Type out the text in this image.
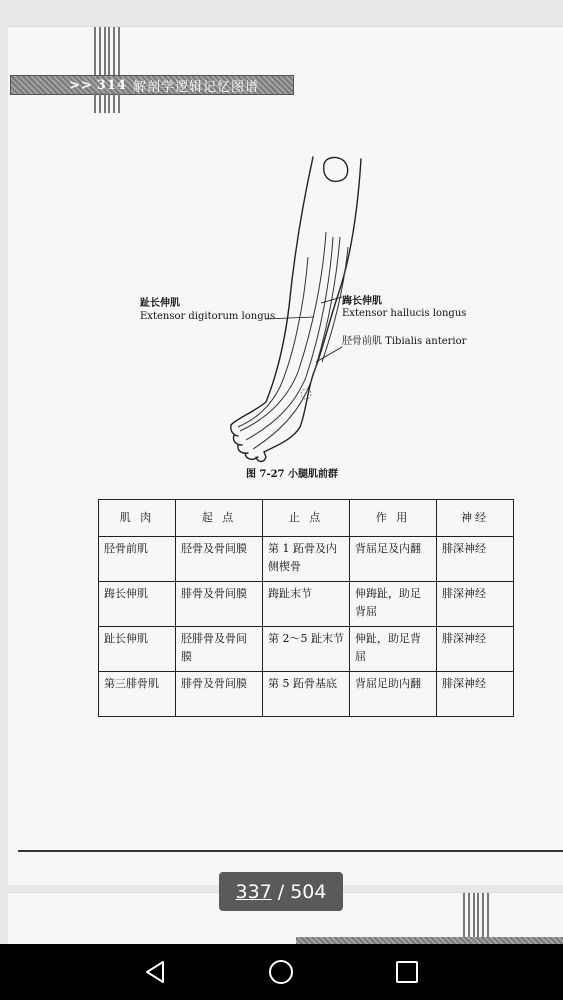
>> 314 解剖学逻辑记忆图谱
趾长伸肌
Extensor digitorum longus
踇长伸肌
Extensor hallucis longus
胫骨前肌 Tibialis anterior
图 7-27 小腿肌前群
肌 肉	起 点	止 点	作 用	神经
胫骨前肌	胫骨及骨间膜	第 1 跖骨及内侧楔骨	背屈足及内翻	腓深神经
踇长伸肌	腓骨及骨间膜	踇趾末节	伸踇趾，助足背屈	腓深神经
趾长伸肌	胫腓骨及骨间膜	第 2～5 趾末节	伸趾，助足背屈	腓深神经
第三腓骨肌	腓骨及骨间膜	第 5 跖骨基底	背屈足助内翻	腓深神经
337 / 504
